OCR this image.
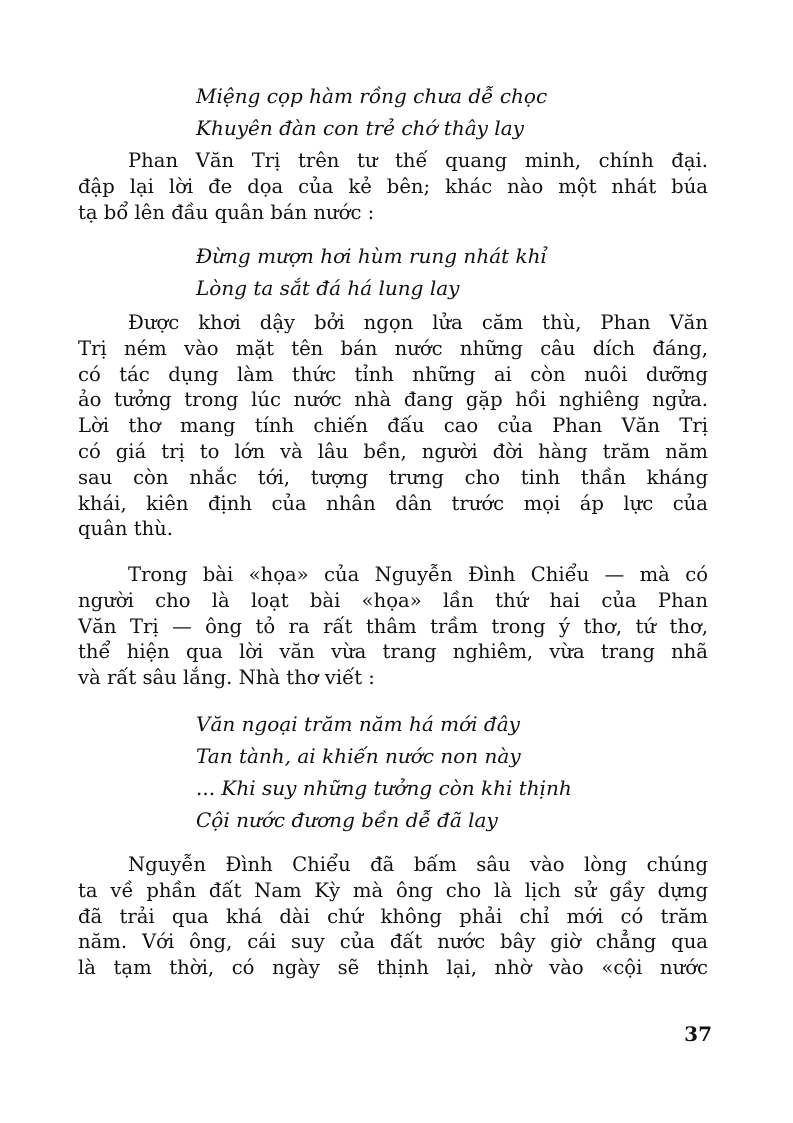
Miệng cọp hàm rồng chưa dễ chọc
Khuyên đàn con trẻ chớ thây lay
Phan Văn Trị trên tư thế quang minh, chính đại.
đập lại lời đe dọa của kẻ bên; khác nào một nhát búa
tạ bổ lên đầu quân bán nước :
Đừng mượn hơi hùm rung nhát khỉ
Lòng ta sắt đá há lung lay
Được khơi dậy bởi ngọn lửa căm thù, Phan Văn
Trị ném vào mặt tên bán nước những câu dích đáng,
có tác dụng làm thức tỉnh những ai còn nuôi dưỡng
ảo tưởng trong lúc nước nhà đang gặp hồi nghiêng ngửa.
Lời thơ mang tính chiến đấu cao của Phan Văn Trị
có giá trị to lớn và lâu bền, người đời hàng trăm năm
sau còn nhắc tới, tượng trưng cho tinh thần kháng
khái, kiên định của nhân dân trước mọi áp lực của
quân thù.
Trong bài «họa» của Nguyễn Đình Chiểu — mà có
người cho là loạt bài «họa» lần thứ hai của Phan
Văn Trị — ông tỏ ra rất thâm trầm trong ý thơ, tứ thơ,
thể hiện qua lời văn vừa trang nghiêm, vừa trang nhã
và rất sâu lắng. Nhà thơ viết :
Văn ngoại trăm năm há mới đây
Tan tành, ai khiến nước non này
... Khi suy những tưởng còn khi thịnh
Cội nước đương bền dễ đã lay
Nguyễn Đình Chiểu đã bấm sâu vào lòng chúng
ta về phần đất Nam Kỳ mà ông cho là lịch sử gầy dựng
đã trải qua khá dài chứ không phải chỉ mới có trăm
năm. Với ông, cái suy của đất nước bây giờ chẳng qua
là tạm thời, có ngày sẽ thịnh lại, nhờ vào «cội nước
37
